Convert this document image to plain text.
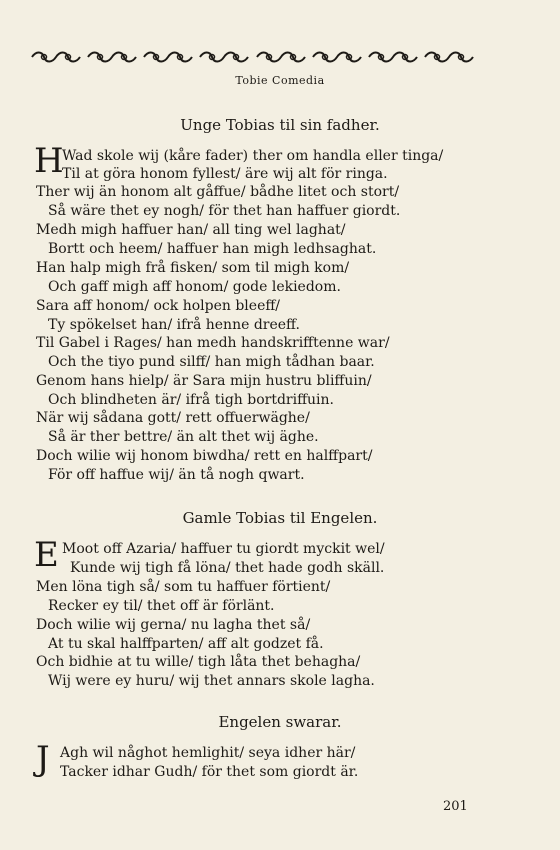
Tobie Comedia
Unge Tobias til sin fadher.
H
Wad skole wij (kåre fader) ther om handla eller tinga/
Til at göra honom fyllest/ äre wij alt för ringa.
Ther wij än honom alt gåffue/ bådhe litet och stort/
Så wäre thet ey nogh/ för thet han haffuer giordt.
Medh migh haffuer han/ all ting wel laghat/
Bortt och heem/ haffuer han migh ledhsaghat.
Han halp migh frå fisken/ som til migh kom/
Och gaff migh aff honom/ gode lekiedom.
Sara aff honom/ ock holpen bleeff/
Ty spökelset han/ ifrå henne dreeff.
Til Gabel i Rages/ han medh handskrifftenne war/
Och the tiyo pund silff/ han migh tådhan baar.
Genom hans hielp/ är Sara mijn hustru bliffuin/
Och blindheten är/ ifrå tigh bortdriffuin.
När wij sådana gott/ rett offuerwäghe/
Så är ther bettre/ än alt thet wij äghe.
Doch wilie wij honom biwdha/ rett en halffpart/
För off haffue wij/ än tå nogh qwart.
Gamle Tobias til Engelen.
E Moot off Azaria/ haffuer tu giordt myckit wel/
Kunde wij tigh få löna/ thet hade godh skäll.
Men löna tigh så/ som tu haffuer förtient/
Recker ey til/ thet off är förlänt.
Doch wilie wij gerna/ nu lagha thet så/
At tu skal halffparten/ aff alt godzet få.
Och bidhie at tu wille/ tigh låta thet behagha/
Wij were ey huru/ wij thet annars skole lagha.
Engelen swarar.
J Agh wil någhot hemlighit/ seya idher här/
Tacker idhar Gudh/ för thet som giordt är.
201
